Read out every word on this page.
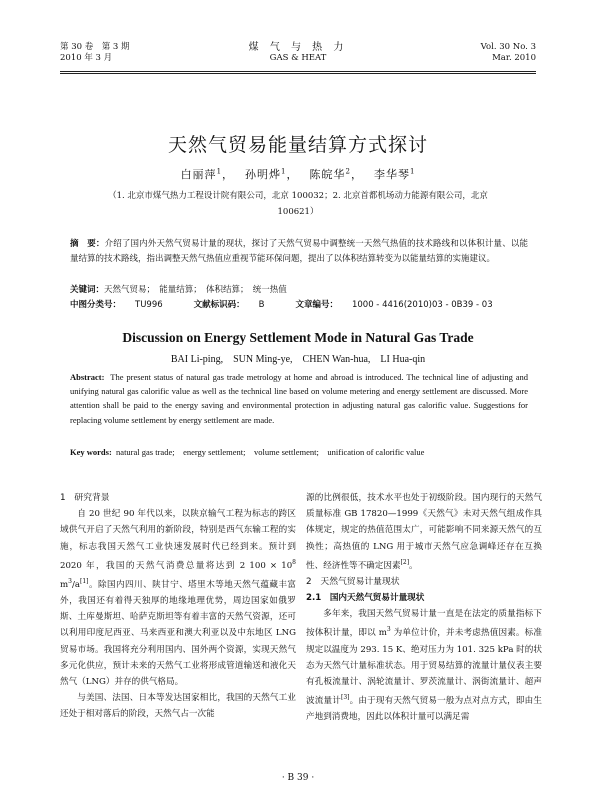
第 30 卷　第 3 期
2010 年 3 月
煤 气 与 热 力
GAS & HEAT
Vol. 30 No. 3
Mar. 2010
天然气贸易能量结算方式探讨
白丽萍$^1$，　 孙明烨$^1$，　 陈皖华$^2$，　 李华琴$^1$
（1. 北京市煤气热力工程设计院有限公司，北京 100032；2. 北京首都机场动力能源有限公司，北京 100621）
摘　要：介绍了国内外天然气贸易计量的现状，探讨了天然气贸易中调整统一天然气热值的技术路线和以体积计量、以能量结算的技术路线，指出调整天然气热值应重视节能环保问题，提出了以体积结算转变为以能量结算的实施建议。
关键词：天然气贸易；　能量结算；　体积结算；　统一热值
中图分类号： TU996	文献标识码： B	文章编号： 1000 - 4416(2010)03 - 0B39 - 03
Discussion on Energy Settlement Mode in Natural Gas Trade
BAI Li-ping,　SUN Ming-ye,　CHEN Wan-hua,　LI Hua-qin
Abstract: The present status of natural gas trade metrology at home and abroad is introduced. The technical line of adjusting and unifying natural gas calorific value as well as the technical line based on volume metering and energy settlement are discussed. More attention shall be paid to the energy saving and environmental protection in adjusting natural gas calorific value. Suggestions for replacing volume settlement by energy settlement are made.
Key words: natural gas trade;　energy settlement;　volume settlement;　unification of calorific value

1　研究背景

自 20 世纪 90 年代以来，以陕京输气工程为标志的跨区域供气开启了天然气利用的新阶段，特别是西气东输工程的实施，标志我国天然气工业快速发展时代已经到来。预计到 2020 年，我国的天然气消费总量将达到 2 $100 \times 10^8$ $m^3/a[1]$。除国内四川、陕甘宁、塔里木等地天然气蕴藏丰富外，我国还有着得天独厚的地缘地理优势，周边国家如俄罗斯、土库曼斯坦、哈萨克斯坦等有着丰富的天然气资源，还可以利用印度尼西亚、马来西亚和澳大利亚以及中东地区 LNG 贸易市场。我国将充分利用国内、国外两个资源，实现天然气多元化供应，预计未来的天然气工业将形成管道输送和液化天然气（LNG）并存的供气格局。

与美国、法国、日本等发达国家相比，我国的天然气工业还处于相对落后的阶段，天然气占一次能

源的比例很低，技术水平也处于初级阶段。国内现行的天然气质量标准 GB 17820—1999《天然气》未对天然气组成作具体规定，规定的热值范围太广，可能影响不同来源天然气的互换性；高热值的 LNG 用于城市天然气应急调峰还存在互换性、经济性等不确定因素[2]。

2　天然气贸易计量现状

2.1　国内天然气贸易计量现状

多年来，我国天然气贸易计量一直是在法定的质量指标下按体积计量，即以 $m^3$ 为单位计价，并未考虑热值因素。标准规定以温度为 293. 15 K、绝对压力为 101. 325 kPa 时的状态为天然气计量标准状态。用于贸易结算的流量计量仪表主要有孔板流量计、涡轮流量计、罗茨流量计、涡街流量计、超声波流量计[3]。由于现有天然气贸易一般为点对点方式，即由生产地到消费地，因此以体积计量可以满足需

· B 39 ·
